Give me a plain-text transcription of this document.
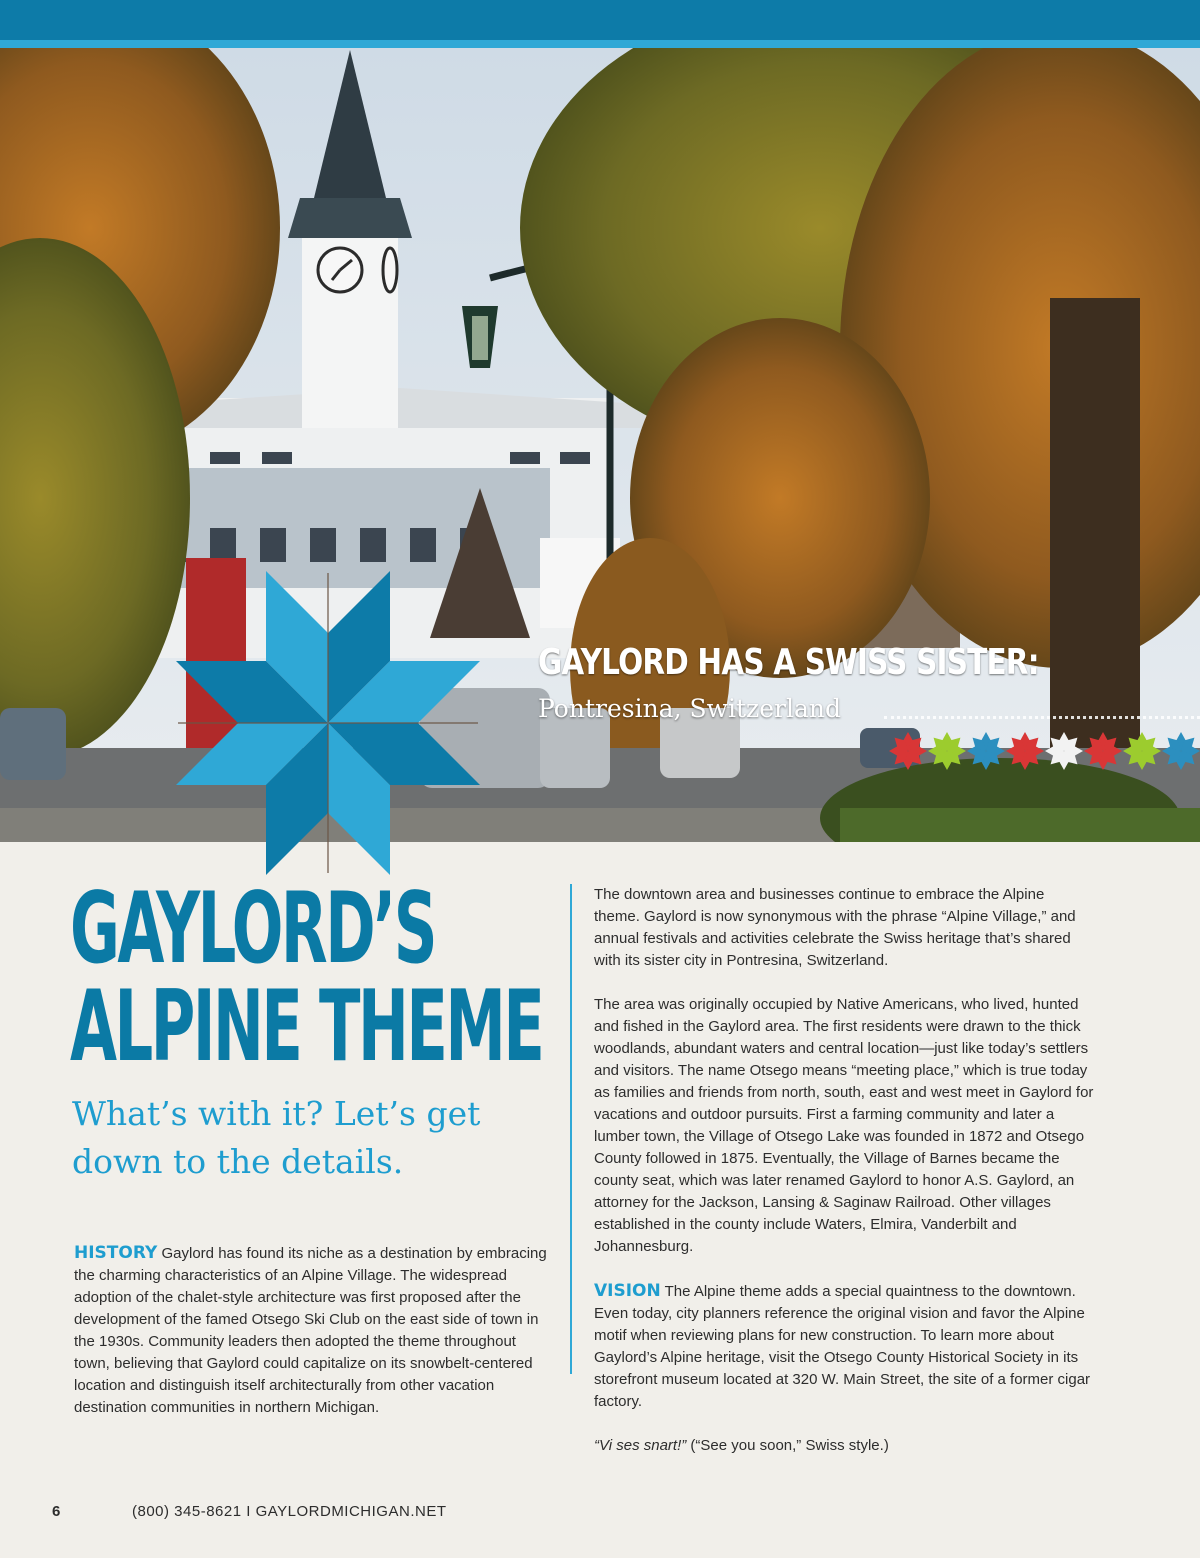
GAYLORD HAS A SWISS SISTER:
Pontresina, Switzerland
GAYLORD’S
ALPINE THEME

What’s with it? Let’s get down to the details.

HISTORY Gaylord has found its niche as a destination by embracing the charming characteristics of an Alpine Village. The widespread adoption of the chalet-style architecture was first proposed after the development of the famed Otsego Ski Club on the east side of town in the 1930s. Community leaders then adopted the theme throughout town, believing that Gaylord could capitalize on its snowbelt-centered location and distinguish itself architecturally from other vacation destination communities in northern Michigan.

The downtown area and businesses continue to embrace the Alpine theme. Gaylord is now synonymous with the phrase “Alpine Village,” and annual festivals and activities celebrate the Swiss heritage that’s shared with its sister city in Pontresina, Switzerland.

The area was originally occupied by Native Americans, who lived, hunted and fished in the Gaylord area. The first residents were drawn to the thick woodlands, abundant waters and central location—just like today’s settlers and visitors. The name Otsego means “meeting place,” which is true today as families and friends from north, south, east and west meet in Gaylord for vacations and outdoor pursuits. First a farming community and later a lumber town, the Village of Otsego Lake was founded in 1872 and Otsego County followed in 1875. Eventually, the Village of Barnes became the county seat, which was later renamed Gaylord to honor A.S. Gaylord, an attorney for the Jackson, Lansing & Saginaw Railroad. Other villages established in the county include Waters, Elmira, Vanderbilt and Johannesburg.

VISION The Alpine theme adds a special quaintness to the downtown. Even today, city planners reference the original vision and favor the Alpine motif when reviewing plans for new construction. To learn more about Gaylord’s Alpine heritage, visit the Otsego County Historical Society in its storefront museum located at 320 W. Main Street, the site of a former cigar factory.

“Vi ses snart!” (“See you soon,” Swiss style.)

6	(800) 345-8621 I GAYLORDMICHIGAN.NET
